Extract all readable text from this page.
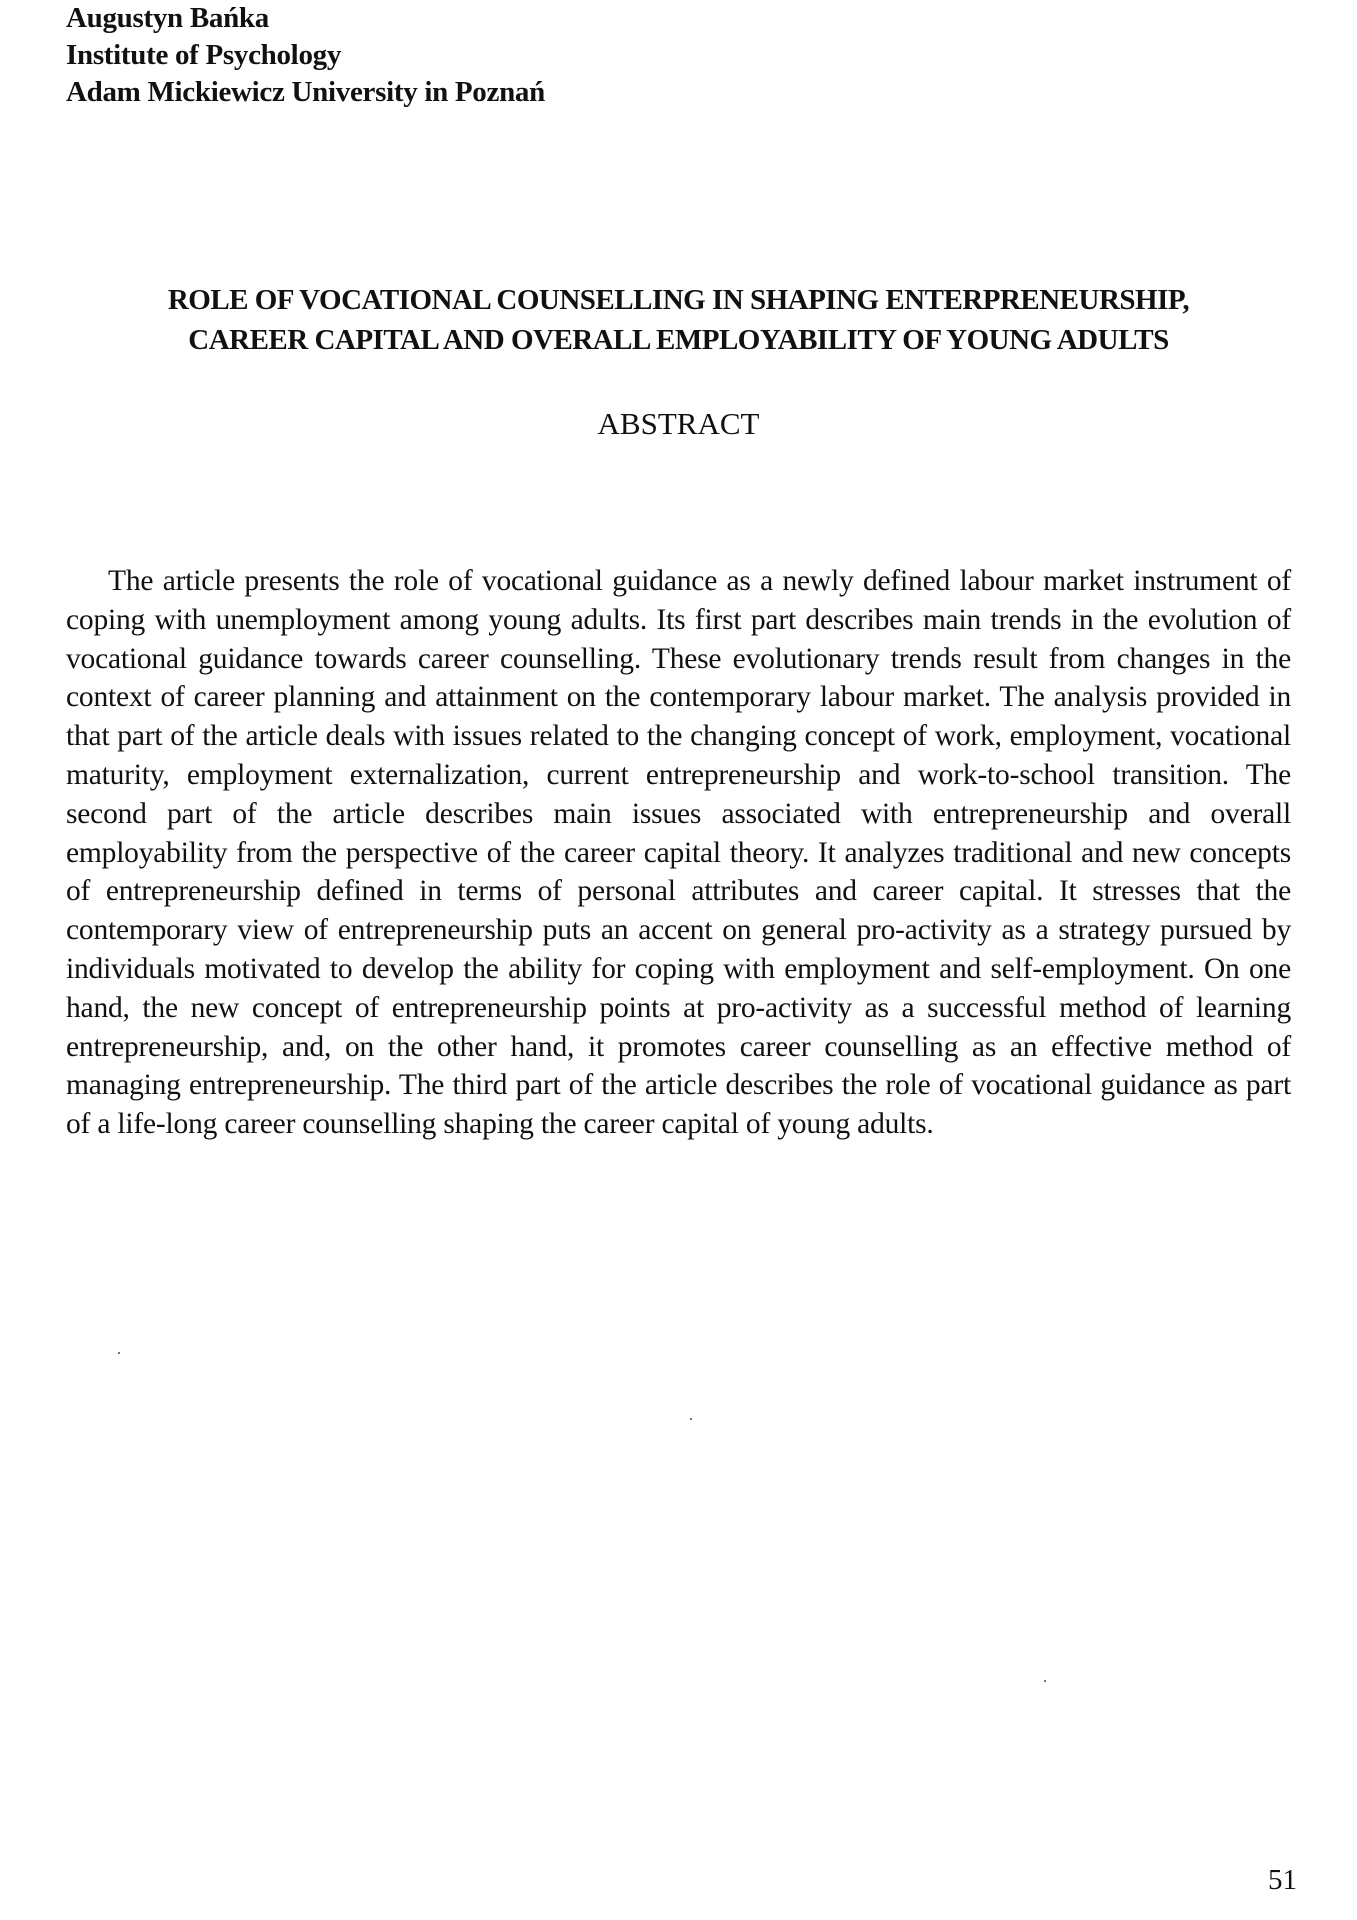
Augustyn Bańka
Institute of Psychology
Adam Mickiewicz University in Poznań
ROLE OF VOCATIONAL COUNSELLING IN SHAPING ENTERPRENEURSHIP,
CAREER CAPITAL AND OVERALL EMPLOYABILITY OF YOUNG ADULTS
ABSTRACT
The article presents the role of vocational guidance as a newly defined labour market instrument of coping with unemployment among young adults. Its first part describes main trends in the evolution of vocational guidance towards career counselling. These evolutionary trends result from changes in the context of career planning and attainment on the contemporary labour market. The analysis provided in that part of the article deals with issues related to the changing concept of work, employment, vocational maturity, employment externalization, current entrepreneurship and work-to-school transition. The second part of the article describes main issues associated with entrepreneurship and overall employability from the perspective of the career capital theory. It analyzes traditional and new concepts of entrepreneurship defined in terms of personal attributes and career capital. It stresses that the contemporary view of entrepreneurship puts an accent on general pro-activity as a strategy pursued by individuals motivated to develop the ability for coping with employment and self-employment. On one hand, the new concept of entrepreneurship points at pro-activity as a successful method of learning entrepreneurship, and, on the other hand, it promotes career counselling as an effective method of managing entrepreneurship. The third part of the article describes the role of vocational guidance as part of a life-long career counselling shaping the career capital of young adults.
51
